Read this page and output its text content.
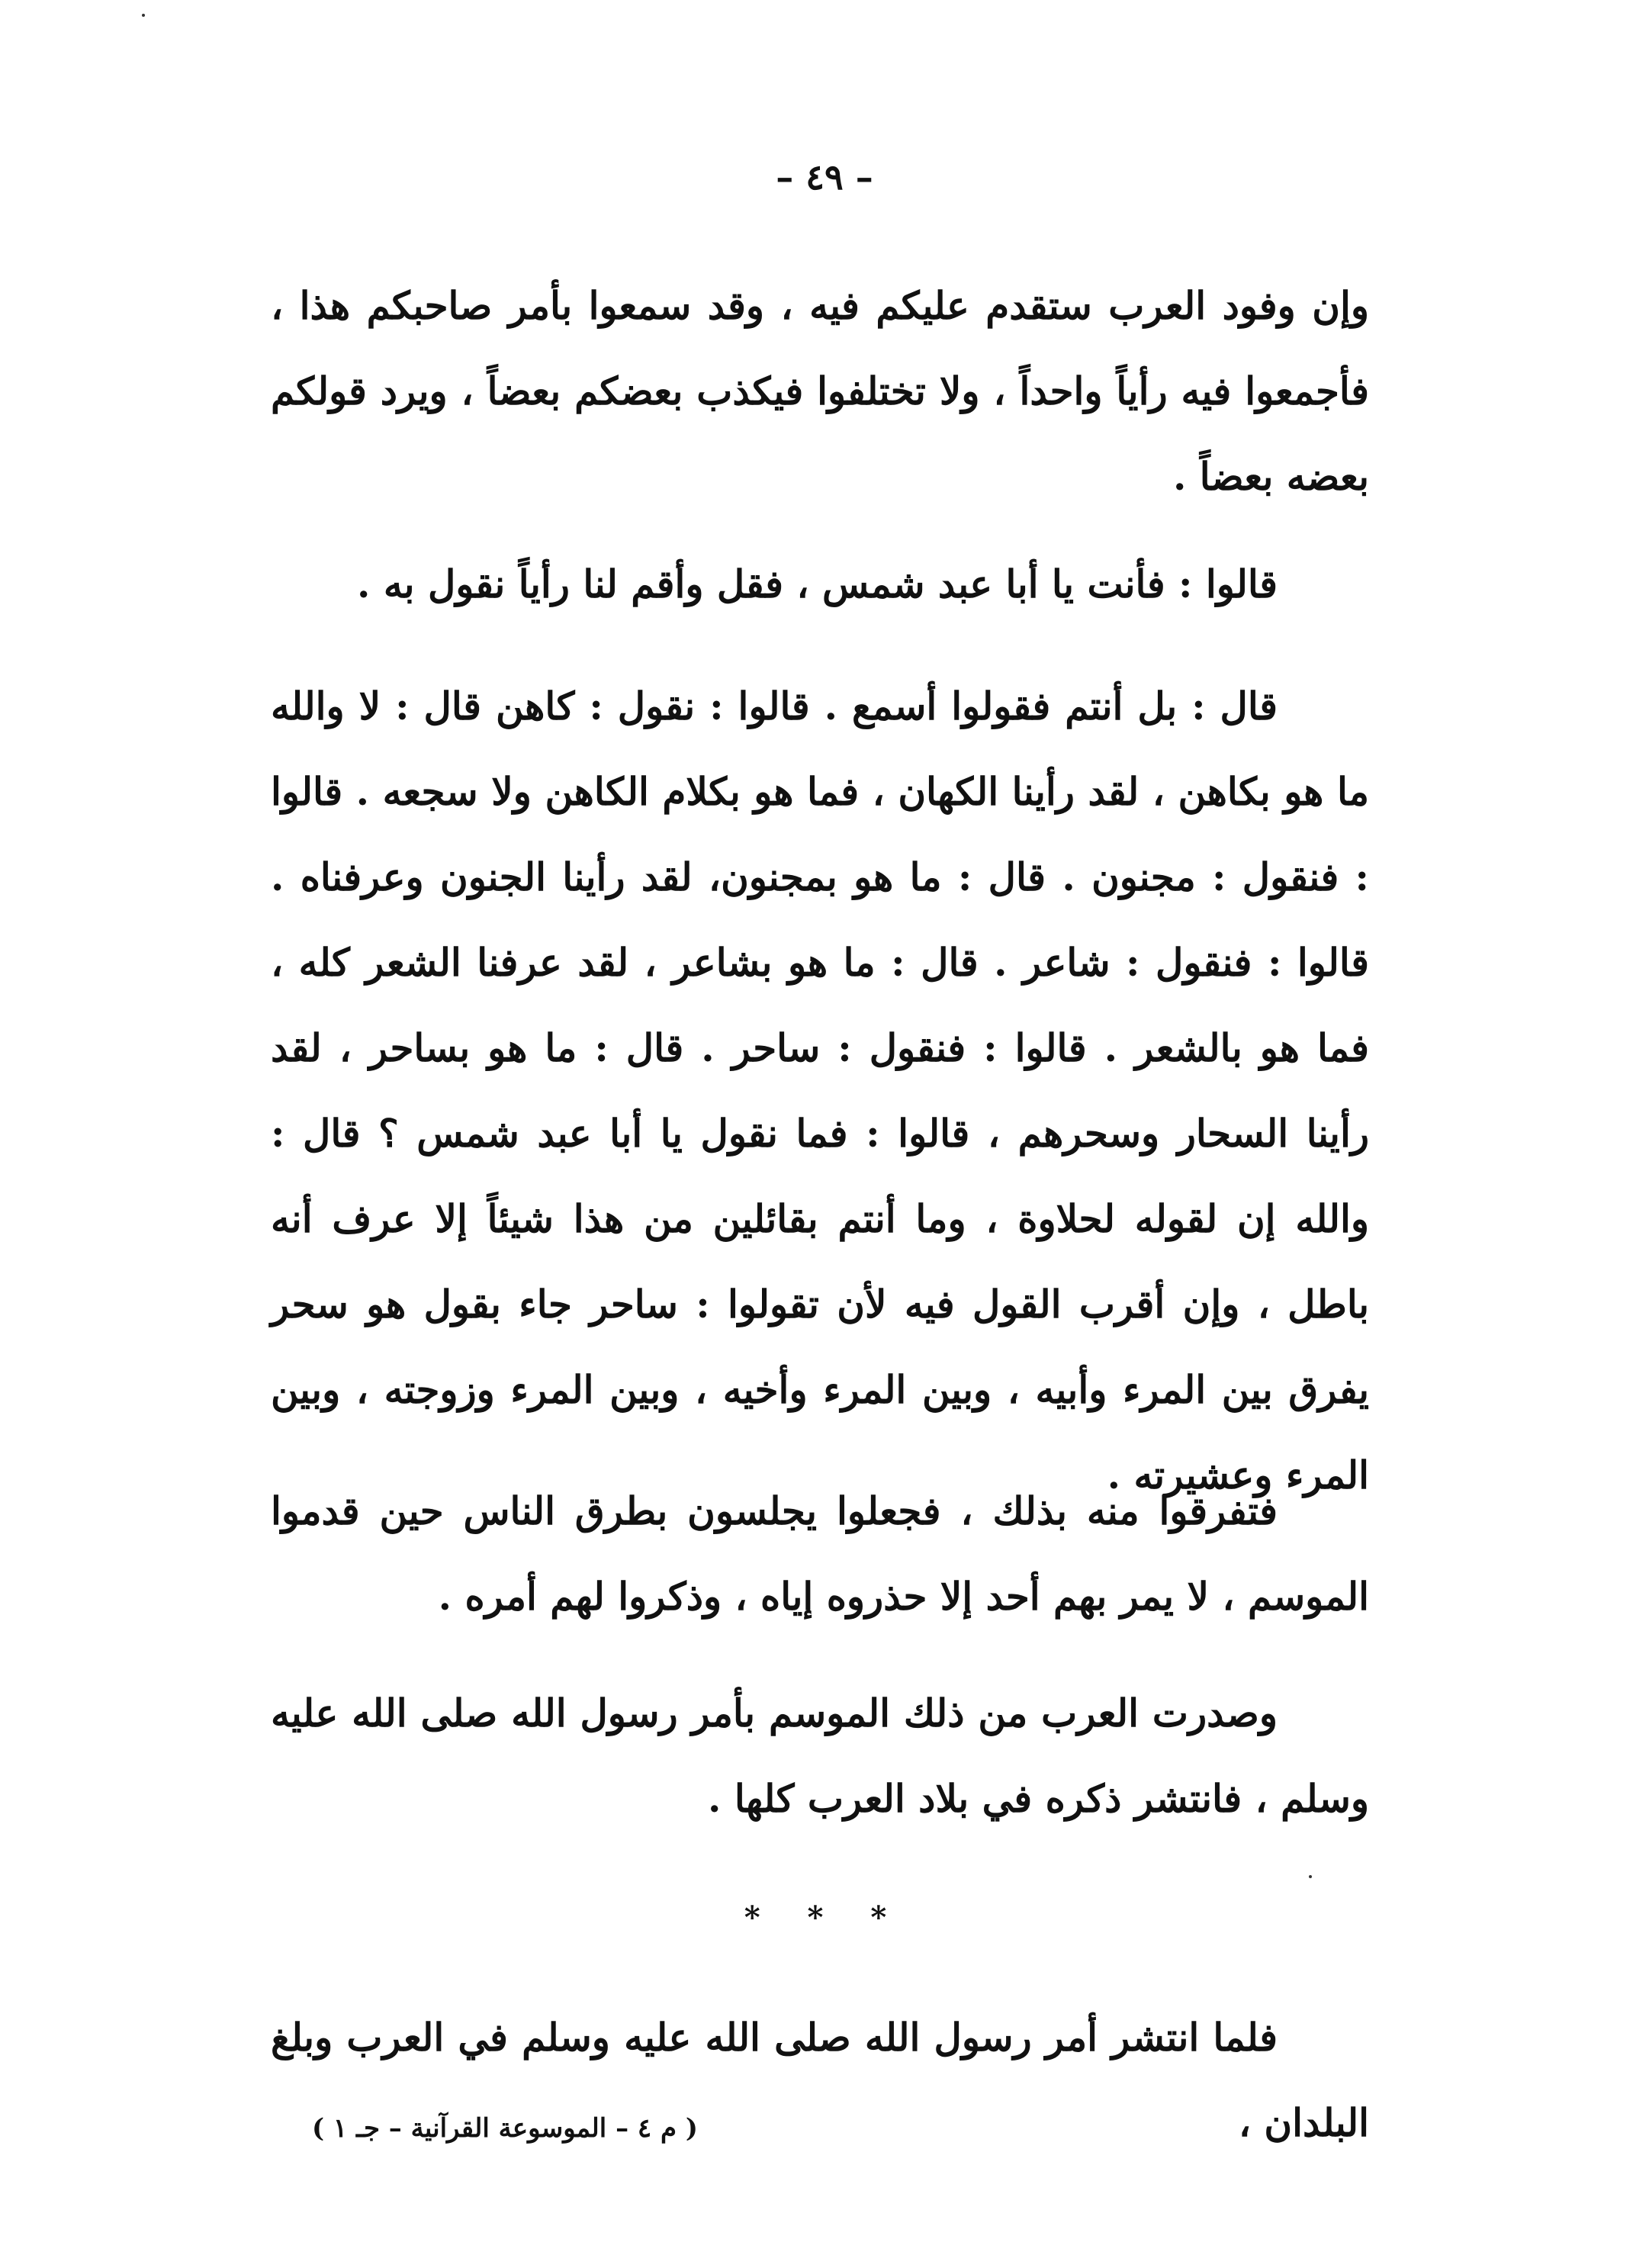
– ٤٩ –
وإن وفود العرب ستقدم عليكم فيه ، وقد سمعوا بأمر صاحبكم هذا ، فأجمعوا فيه رأياً واحداً ، ولا تختلفوا فيكذب بعضكم بعضاً ، ويرد قولكم بعضه بعضاً .
قالوا : فأنت يا أبا عبد شمس ، فقل وأقم لنا رأياً نقول به .
قال : بل أنتم فقولوا أسمع . قالوا : نقول : كاهن قال : لا والله ما هو بكاهن ، لقد رأينا الكهان ، فما هو بكلام الكاهن ولا سجعه . قالوا : فنقول : مجنون . قال : ما هو بمجنون، لقد رأينا الجنون وعرفناه . قالوا : فنقول : شاعر . قال : ما هو بشاعر ، لقد عرفنا الشعر كله ، فما هو بالشعر . قالوا : فنقول : ساحر . قال : ما هو بساحر ، لقد رأينا السحار وسحرهم ، قالوا : فما نقول يا أبا عبد شمس ؟ قال : والله إن لقوله لحلاوة ، وما أنتم بقائلين من هذا شيئاً إلا عرف أنه باطل ، وإن أقرب القول فيه لأن تقولوا : ساحر جاء بقول هو سحر يفرق بين المرء وأبيه ، وبين المرء وأخيه ، وبين المرء وزوجته ، وبين المرء وعشيرته .
فتفرقوا منه بذلك ، فجعلوا يجلسون بطرق الناس حين قدموا الموسم ، لا يمر بهم أحد إلا حذروه إياه ، وذكروا لهم أمره .
وصدرت العرب من ذلك الموسم بأمر رسول الله صلى الله عليه وسلم ، فانتشر ذكره في بلاد العرب كلها .
* * *
فلما انتشر أمر رسول الله صلى الله عليه وسلم في العرب وبلغ البلدان ،
( م ٤ – الموسوعة القرآنية – جـ ١ )
